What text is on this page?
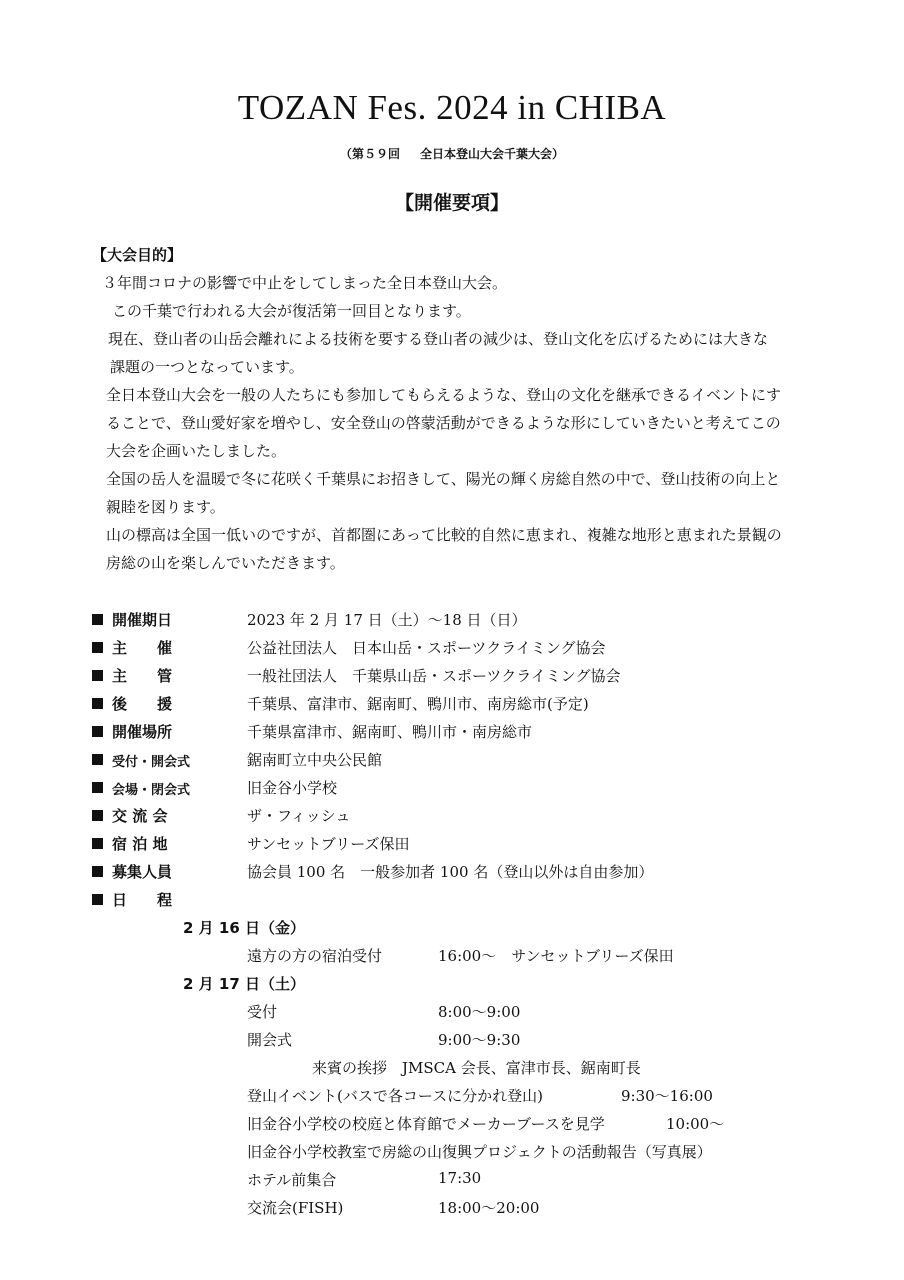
TOZAN Fes. 2024 in CHIBA
（第５９回 全日本登山大会千葉大会）
【開催要項】
【大会目的】
３年間コロナの影響で中止をしてしまった全日本登山大会。
この千葉で行われる大会が復活第一回目となります。
現在、登山者の山岳会離れによる技術を要する登山者の減少は、登山文化を広げるためには大きな
課題の一つとなっています。
全日本登山大会を一般の人たちにも参加してもらえるような、登山の文化を継承できるイベントにす
ることで、登山愛好家を増やし、安全登山の啓蒙活動ができるような形にしていきたいと考えてこの
大会を企画いたしました。
全国の岳人を温暖で冬に花咲く千葉県にお招きして、陽光の輝く房総自然の中で、登山技術の向上と
親睦を図ります。
山の標高は全国一低いのですが、首都圏にあって比較的自然に恵まれ、複雑な地形と恵まれた景観の
房総の山を楽しんでいただきます。
開催期日	2023 年 2 月 17 日（土）〜18 日（日）
主　　催	公益社団法人　日本山岳・スポーツクライミング協会
主　　管	一般社団法人　千葉県山岳・スポーツクライミング協会
後　　援	千葉県、富津市、鋸南町、鴨川市、南房総市(予定)
開催場所	千葉県富津市、鋸南町、鴨川市・南房総市
受付・開会式	鋸南町立中央公民館
会場・閉会式	旧金谷小学校
交 流 会	ザ・フィッシュ
宿 泊 地	サンセットブリーズ保田
募集人員	協会員 100 名　一般参加者 100 名（登山以外は自由参加）
日　　程
2 月 16 日（金）
遠方の方の宿泊受付	16:00〜　サンセットブリーズ保田
2 月 17 日（土）
受付	8:00〜9:00
開会式	9:00〜9:30
来賓の挨拶　JMSCA 会長、富津市長、鋸南町長
登山イベント(バスで各コースに分かれ登山)	9:30〜16:00
旧金谷小学校の校庭と体育館でメーカーブースを見学	10:00〜
旧金谷小学校教室で房総の山復興プロジェクトの活動報告（写真展）
ホテル前集合	17:30
交流会(FISH)	18:00〜20:00
